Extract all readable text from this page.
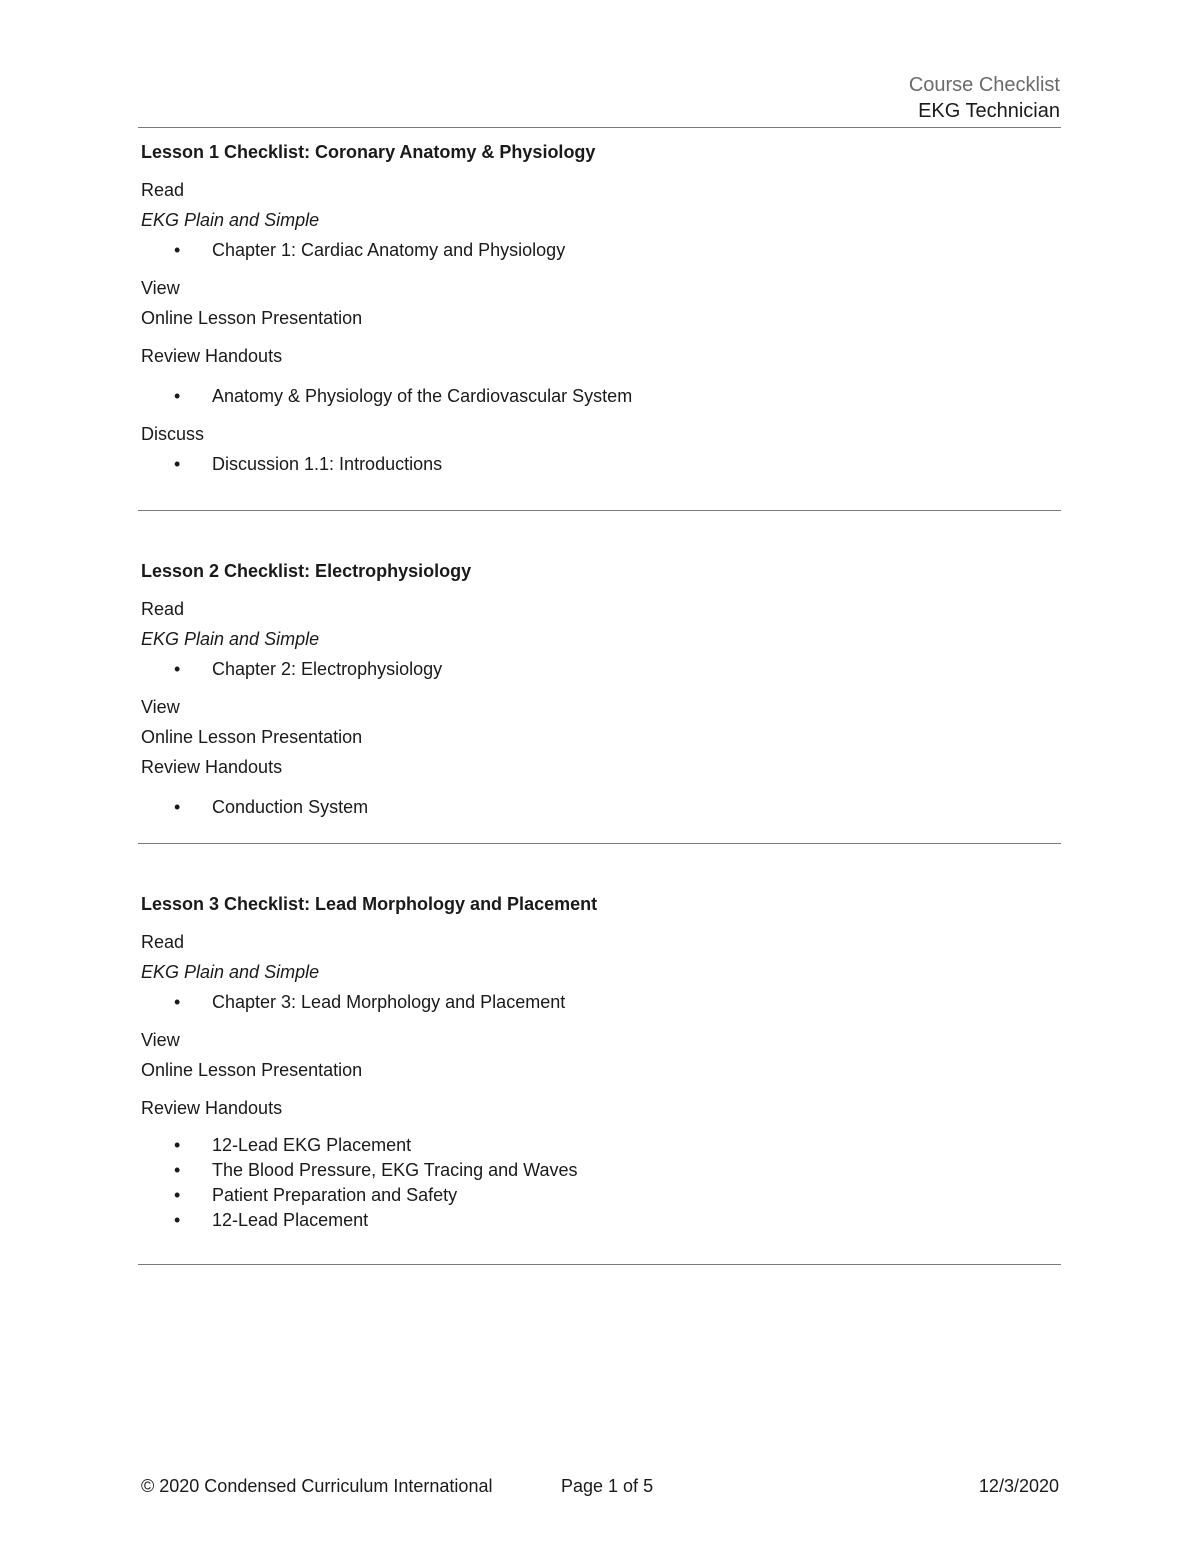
Course Checklist
EKG Technician

Lesson 1 Checklist: Coronary Anatomy & Physiology

Read

EKG Plain and Simple

• Chapter 1: Cardiac Anatomy and Physiology

View

Online Lesson Presentation

Review Handouts

• Anatomy & Physiology of the Cardiovascular System

Discuss

• Discussion 1.1: Introductions

Lesson 2 Checklist: Electrophysiology

Read

EKG Plain and Simple

• Chapter 2: Electrophysiology

View

Online Lesson Presentation

Review Handouts

• Conduction System

Lesson 3 Checklist: Lead Morphology and Placement

Read

EKG Plain and Simple

• Chapter 3: Lead Morphology and Placement

View

Online Lesson Presentation

Review Handouts

• 12-Lead EKG Placement
• The Blood Pressure, EKG Tracing and Waves
• Patient Preparation and Safety
• 12-Lead Placement
© 2020 Condensed Curriculum International	Page 1 of 5	12/3/2020
